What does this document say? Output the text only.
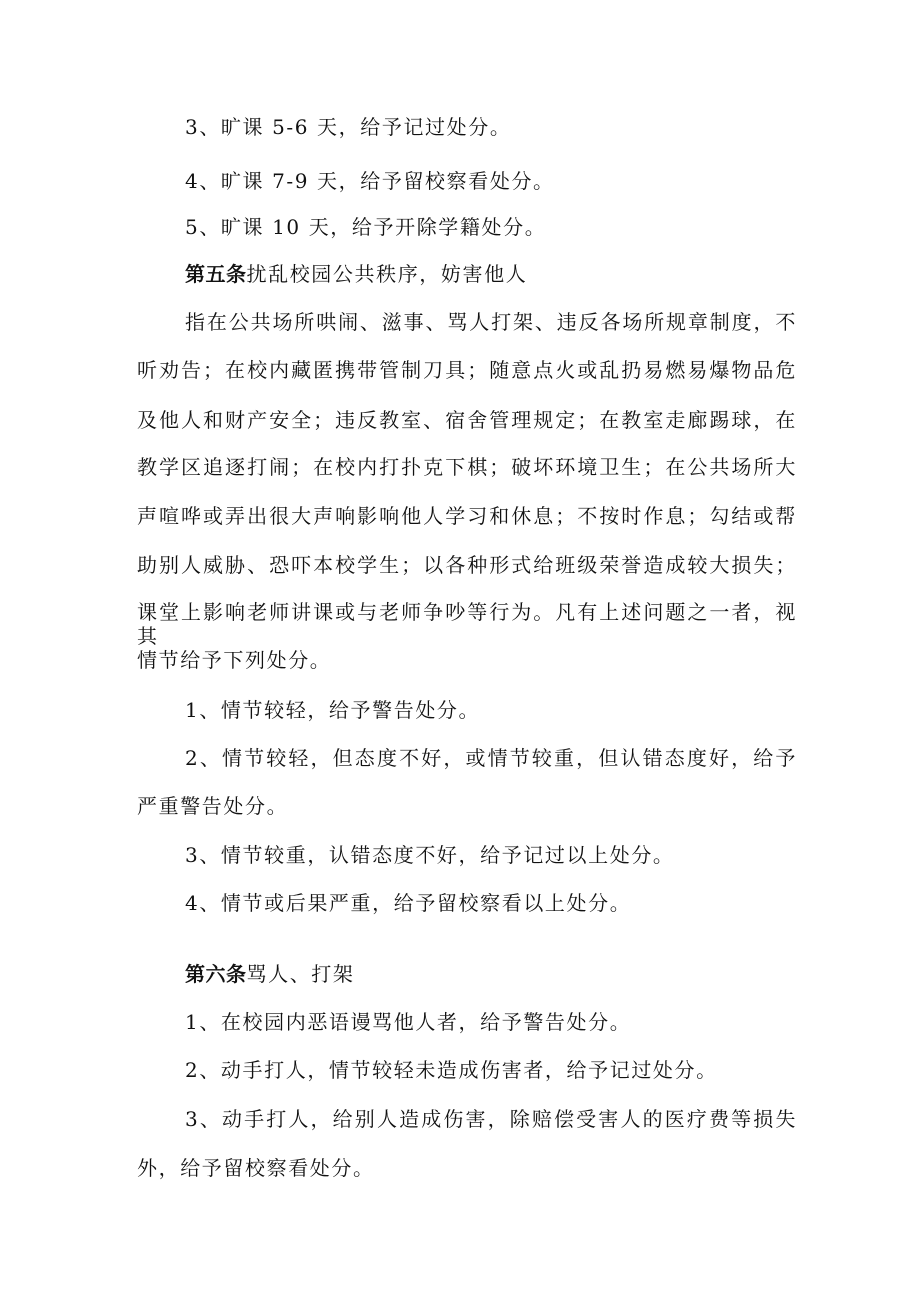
3、旷课 5-6 天，给予记过处分。
4、旷课 7-9 天，给予留校察看处分。
5、旷课 10 天，给予开除学籍处分。
第五条扰乱校园公共秩序，妨害他人
指在公共场所哄闹、滋事、骂人打架、违反各场所规章制度，不
听劝告；在校内藏匿携带管制刀具；随意点火或乱扔易燃易爆物品危
及他人和财产安全；违反教室、宿舍管理规定；在教室走廊踢球，在
教学区追逐打闹；在校内打扑克下棋；破坏环境卫生；在公共场所大
声喧哗或弄出很大声响影响他人学习和休息；不按时作息；勾结或帮
助别人威胁、恐吓本校学生；以各种形式给班级荣誉造成较大损失；
课堂上影响老师讲课或与老师争吵等行为。凡有上述问题之一者，视其
情节给予下列处分。
1、情节较轻，给予警告处分。
2、情节较轻，但态度不好，或情节较重，但认错态度好，给予
严重警告处分。
3、情节较重，认错态度不好，给予记过以上处分。
4、情节或后果严重，给予留校察看以上处分。
第六条骂人、打架
1、在校园内恶语谩骂他人者，给予警告处分。
2、动手打人，情节较轻未造成伤害者，给予记过处分。
3、动手打人，给别人造成伤害，除赔偿受害人的医疗费等损失
外，给予留校察看处分。
